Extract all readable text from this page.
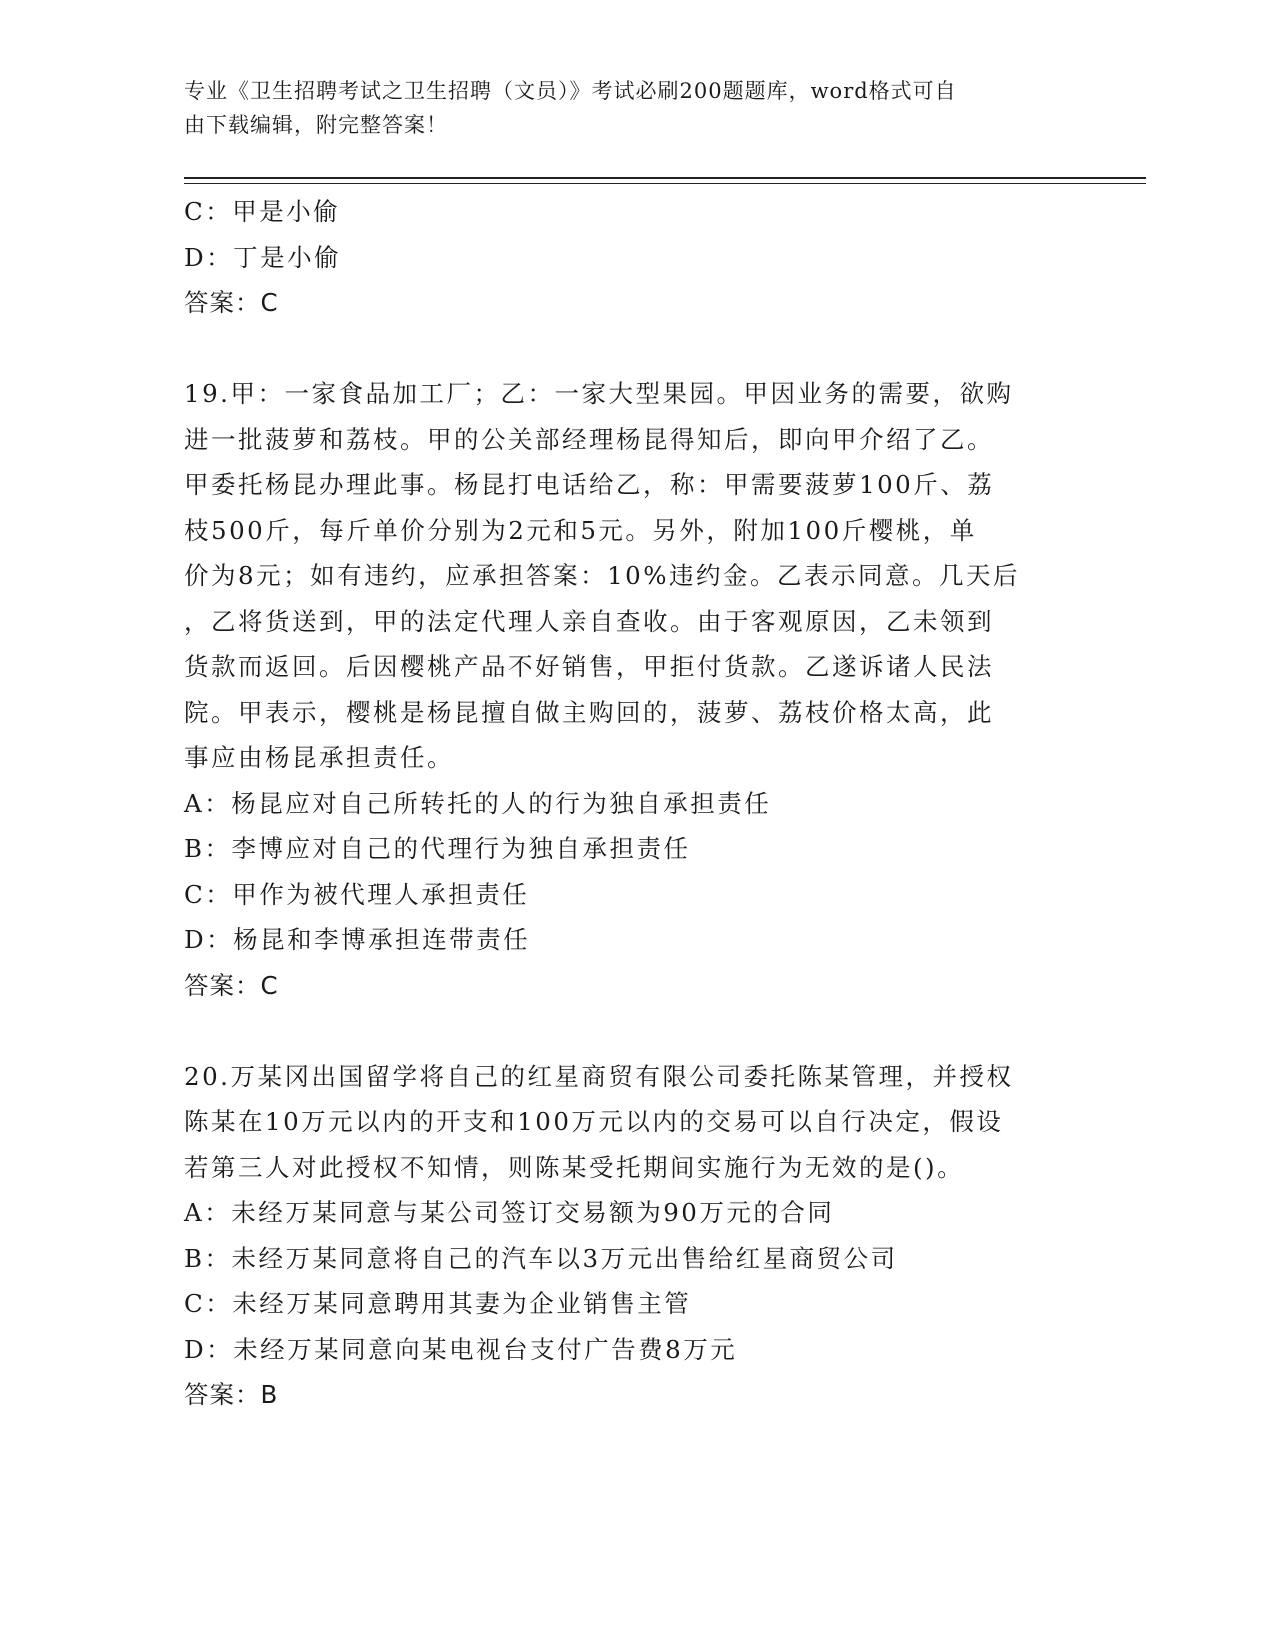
专业《卫生招聘考试之卫生招聘（文员）》考试必刷200题题库，word格式可自
由下载编辑，附完整答案！
C：甲是小偷
D：丁是小偷
答案：C
19.甲：一家食品加工厂；乙：一家大型果园。甲因业务的需要，欲购
进一批菠萝和荔枝。甲的公关部经理杨昆得知后，即向甲介绍了乙。
甲委托杨昆办理此事。杨昆打电话给乙，称：甲需要菠萝100斤、荔
枝500斤，每斤单价分别为2元和5元。另外，附加100斤樱桃，单
价为8元；如有违约，应承担答案：10%违约金。乙表示同意。几天后
，乙将货送到，甲的法定代理人亲自查收。由于客观原因，乙未领到
货款而返回。后因樱桃产品不好销售，甲拒付货款。乙遂诉诸人民法
院。甲表示，樱桃是杨昆擅自做主购回的，菠萝、荔枝价格太高，此
事应由杨昆承担责任。
A：杨昆应对自己所转托的人的行为独自承担责任
B：李博应对自己的代理行为独自承担责任
C：甲作为被代理人承担责任
D：杨昆和李博承担连带责任
答案：C
20.万某冈出国留学将自己的红星商贸有限公司委托陈某管理，并授权
陈某在10万元以内的开支和100万元以内的交易可以自行决定，假设
若第三人对此授权不知情，则陈某受托期间实施行为无效的是()。
A：未经万某同意与某公司签订交易额为90万元的合同
B：未经万某同意将自己的汽车以3万元出售给红星商贸公司
C：未经万某同意聘用其妻为企业销售主管
D：未经万某同意向某电视台支付广告费8万元
答案：B
